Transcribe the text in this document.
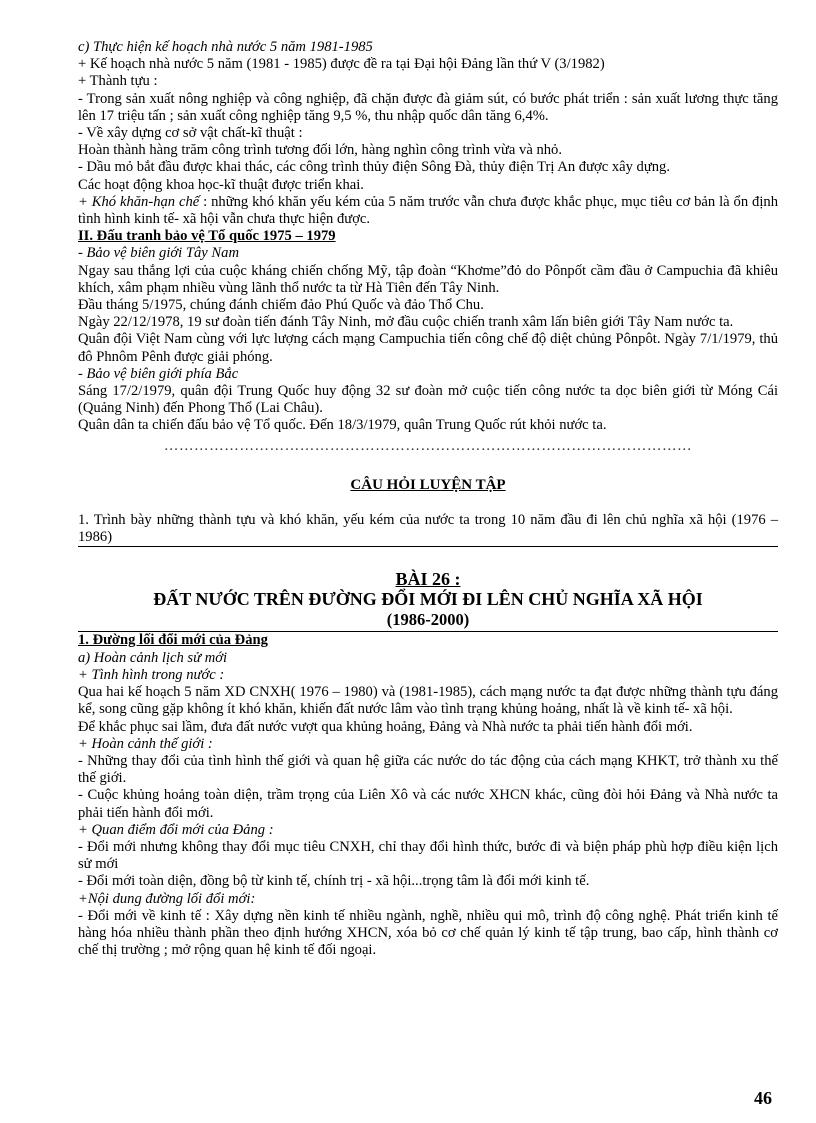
c) Thực hiện kế hoạch nhà nước 5 năm 1981-1985

+ Kế hoạch nhà nước 5 năm (1981 - 1985) được đề ra tại Đại hội Đảng lần thứ V (3/1982)

+ Thành tựu :

- Trong sản xuất nông nghiệp và công nghiệp, đã chặn được đà giảm sút, có bước phát triển : sản xuất lương thực tăng lên 17 triệu tấn ; sản xuất công nghiệp tăng 9,5 %, thu nhập quốc dân tăng 6,4%.

- Về xây dựng cơ sở vật chất-kĩ thuật :

Hoàn thành hàng trăm công trình tương đối lớn, hàng nghìn công trình vừa và nhỏ.

- Dầu mỏ bắt đầu được khai thác, các công trình thủy điện Sông Đà, thủy điện Trị An được xây dựng.

Các hoạt động khoa học-kĩ thuật được triển khai.

+ Khó khăn-hạn chế : những khó khăn yếu kém của 5 năm trước vẫn chưa được khắc phục, mục tiêu cơ bản là ổn định tình hình kinh tế- xã hội vẫn chưa thực hiện được.

II. Đấu tranh bảo vệ Tổ quốc 1975 – 1979

- Bảo vệ biên giới Tây Nam

Ngay sau thắng lợi của cuộc kháng chiến chống Mỹ, tập đoàn “Khơme”đỏ do Pônpốt cầm đầu ở Campuchia đã khiêu khích, xâm phạm nhiều vùng lãnh thổ nước ta từ Hà Tiên đến Tây Ninh.

Đầu tháng 5/1975, chúng đánh chiếm đảo Phú Quốc và đảo Thổ Chu.

Ngày 22/12/1978, 19 sư đoàn tiến đánh Tây Ninh, mở đầu cuộc chiến tranh xâm lấn biên giới Tây Nam nước ta.

Quân đội Việt Nam cùng với lực lượng cách mạng Campuchia tiến công chế độ diệt chủng Pônpôt. Ngày 7/1/1979, thủ đô Phnôm Pênh được giải phóng.

- Bảo vệ biên giới phía Bắc

Sáng 17/2/1979, quân đội Trung Quốc huy động 32 sư đoàn mở cuộc tiến công nước ta dọc biên giới từ Móng Cái (Quảng Ninh) đến Phong Thổ (Lai Châu).

Quân dân ta chiến đấu bảo vệ Tổ quốc. Đến 18/3/1979, quân Trung Quốc rút khỏi nước ta.

……………………………………………………………………………………………

CÂU HỎI LUYỆN TẬP

1. Trình bày những thành tựu và khó khăn, yếu kém của nước ta trong 10 năm đầu đi lên chủ nghĩa xã hội (1976 – 1986)

BÀI 26 :

ĐẤT NƯỚC TRÊN ĐƯỜNG ĐỔI MỚI ĐI LÊN CHỦ NGHĨA XÃ HỘI

(1986-2000)

1. Đường lối đổi mới của Đảng

a) Hoàn cảnh lịch sử mới

+ Tình hình trong nước :

Qua hai kế hoạch 5 năm XD CNXH( 1976 – 1980) và (1981-1985), cách mạng nước ta đạt được những thành tựu đáng kể, song cũng gặp không ít khó khăn, khiến đất nước lâm vào tình trạng khủng hoảng, nhất là về kinh tế- xã hội.

Để khắc phục sai lầm, đưa đất nước vượt qua khủng hoảng, Đảng và Nhà nước ta phải tiến hành đổi mới.

+ Hoàn cảnh thế giới :

- Những thay đổi của tình hình thế giới và quan hệ giữa các nước do tác động của cách mạng KHKT, trở thành xu thế thế giới.

- Cuộc khủng hoảng toàn diện, trầm trọng của Liên Xô và các nước XHCN khác, cũng đòi hỏi Đảng và Nhà nước ta phải tiến hành đổi mới.

+ Quan điểm đổi mới của Đảng :

- Đổi mới nhưng không thay đổi mục tiêu CNXH, chỉ thay đổi hình thức, bước đi và biện pháp phù hợp điều kiện lịch sử mới

- Đổi mới toàn diện, đồng bộ từ kinh tế, chính trị - xã hội...trọng tâm là đổi mới kinh tế.

+Nội dung đường lối đổi mới:

- Đổi mới về kinh tế : Xây dựng nền kinh tế nhiều ngành, nghề, nhiều qui mô, trình độ công nghệ. Phát triển kinh tế hàng hóa nhiều thành phần theo định hướng XHCN, xóa bỏ cơ chế quản lý kinh tế tập trung, bao cấp, hình thành cơ chế thị trường ; mở rộng quan hệ kinh tế đối ngoại.

46
